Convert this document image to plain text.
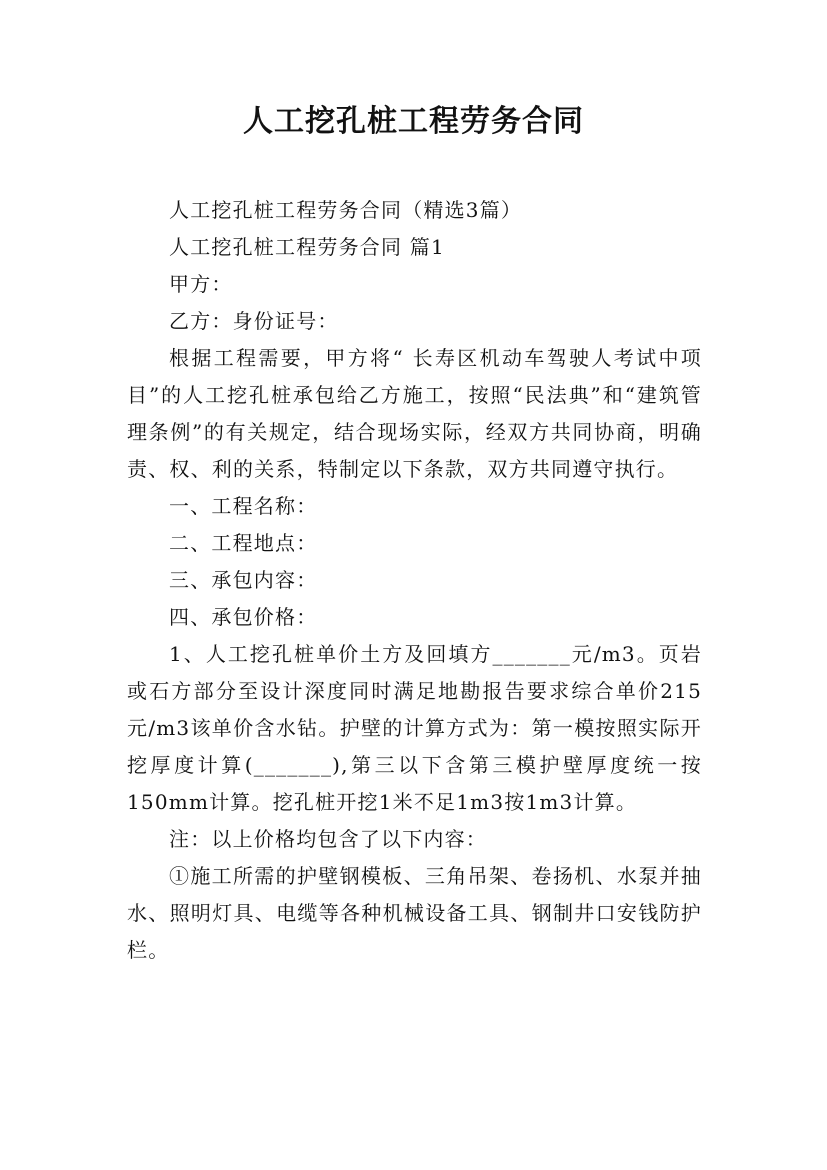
人工挖孔桩工程劳务合同

人工挖孔桩工程劳务合同（精选3篇）

人工挖孔桩工程劳务合同 篇1

甲方：

乙方：身份证号：

根据工程需要，甲方将“ 长寿区机动车驾驶人考试中项目”的人工挖孔桩承包给乙方施工，按照“民法典”和“建筑管理条例”的有关规定，结合现场实际，经双方共同协商，明确责、权、利的关系，特制定以下条款，双方共同遵守执行。

一、工程名称：

二、工程地点：

三、承包内容：

四、承包价格：

1、人工挖孔桩单价土方及回填方_______元/m3。页岩或石方部分至设计深度同时满足地勘报告要求综合单价215元/m3该单价含水钻。护壁的计算方式为：第一模按照实际开挖厚度计算(_______),第三以下含第三模护壁厚度统一按150mm计算。挖孔桩开挖1米不足1m3按1m3计算。

注：以上价格均包含了以下内容：

①施工所需的护壁钢模板、三角吊架、卷扬机、水泵并抽水、照明灯具、电缆等各种机械设备工具、钢制井口安钱防护栏。
